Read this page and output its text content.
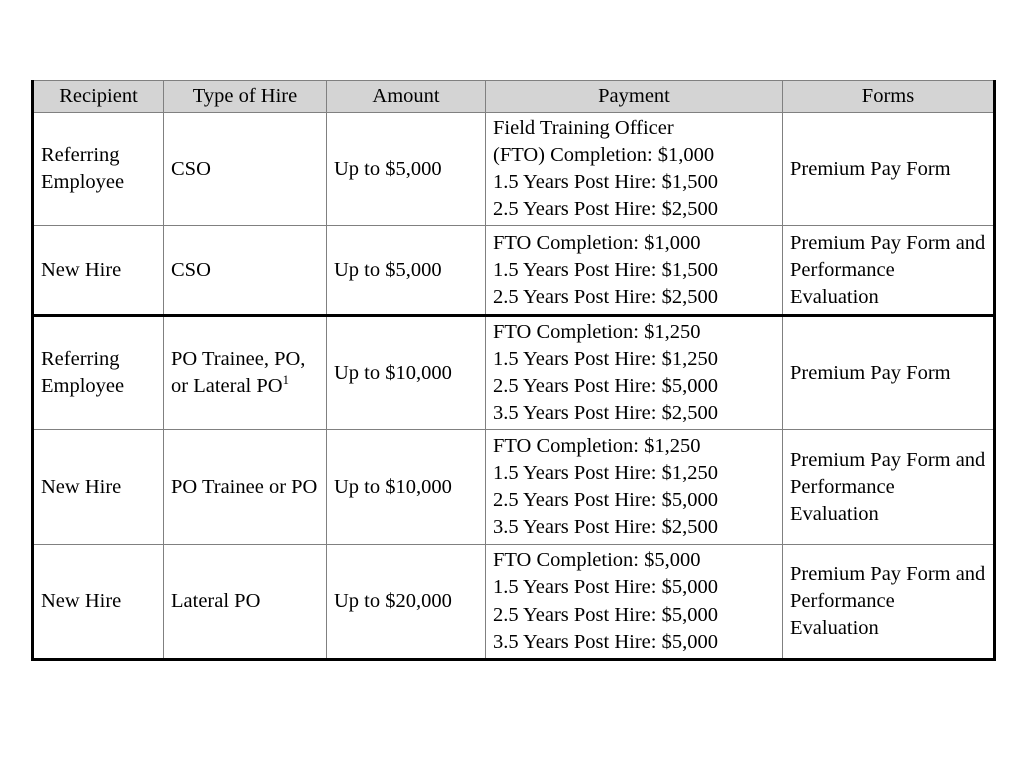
Recipient	Type of Hire	Amount	Payment	Forms
Referring Employee	CSO	Up to $5,000	Field Training Officer
(FTO) Completion: $1,000
1.5 Years Post Hire: $1,500
2.5 Years Post Hire: $2,500	Premium Pay Form
New Hire	CSO	Up to $5,000	FTO Completion: $1,000
1.5 Years Post Hire: $1,500
2.5 Years Post Hire: $2,500	Premium Pay Form and Performance Evaluation
Referring Employee	PO Trainee, PO, or Lateral $PO^1$	Up to $10,000	FTO Completion: $1,250
1.5 Years Post Hire: $1,250
2.5 Years Post Hire: $5,000
3.5 Years Post Hire: $2,500	Premium Pay Form
New Hire	PO Trainee or PO	Up to $10,000	FTO Completion: $1,250
1.5 Years Post Hire: $1,250
2.5 Years Post Hire: $5,000
3.5 Years Post Hire: $2,500	Premium Pay Form and Performance Evaluation
New Hire	Lateral PO	Up to $20,000	FTO Completion: $5,000
1.5 Years Post Hire: $5,000
2.5 Years Post Hire: $5,000
3.5 Years Post Hire: $5,000	Premium Pay Form and Performance Evaluation
